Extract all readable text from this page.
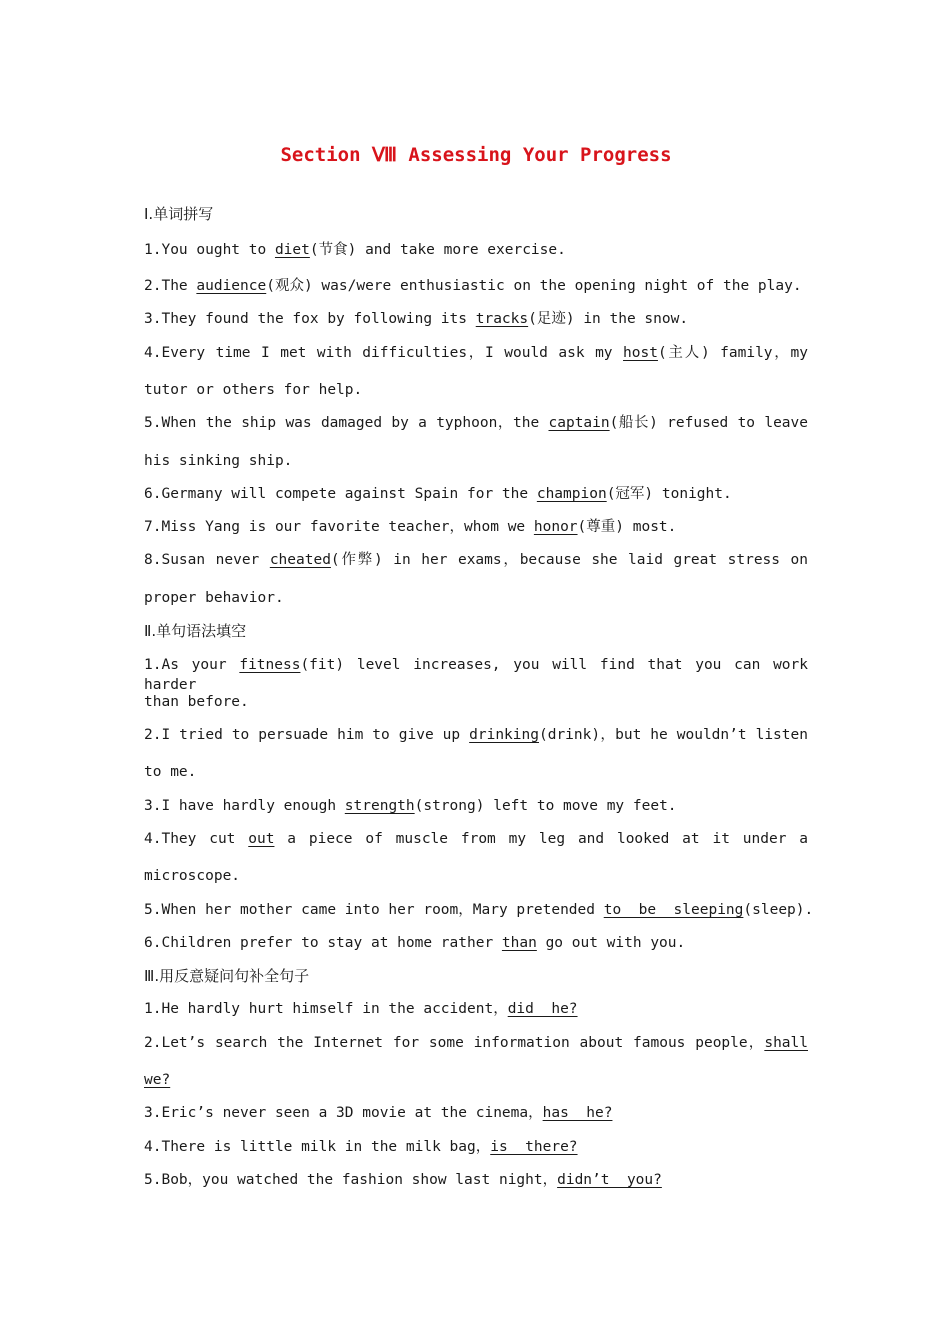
Section Ⅷ Assessing Your Progress
Ⅰ.单词拼写
1.You ought to diet(节食) and take more exercise.
2.The audience(观众) was/were enthusiastic on the opening night of the play.
3.They found the fox by following its tracks(足迹) in the snow.
4.Every time I met with difficulties，I would ask my host(主人) family，my
tutor or others for help.
5.When the ship was damaged by a typhoon，the captain(船长) refused to leave
his sinking ship.
6.Germany will compete against Spain for the champion(冠军) tonight.
7.Miss Yang is our favorite teacher，whom we honor(尊重) most.
8.Susan never cheated(作弊) in her exams，because she laid great stress on
proper behavior.
Ⅱ.单句语法填空
1.As your fitness(fit) level increases, you will find that you can work harder
than before.
2.I tried to persuade him to give up drinking(drink)，but he wouldn’t listen
to me.
3.I have hardly enough strength(strong) left to move my feet.
4.They cut out a piece of muscle from my leg and looked at it under a
microscope.
5.When her mother came into her room，Mary pretended to  be  sleeping(sleep).
6.Children prefer to stay at home rather than go out with you.
Ⅲ.用反意疑问句补全句子
1.He hardly hurt himself in the accident，did  he?
2.Let’s search the Internet for some information about famous people，shall
we?
3.Eric’s never seen a 3D movie at the cinema，has  he?
4.There is little milk in the milk bag，is  there?
5.Bob，you watched the fashion show last night，didn’t  you?
